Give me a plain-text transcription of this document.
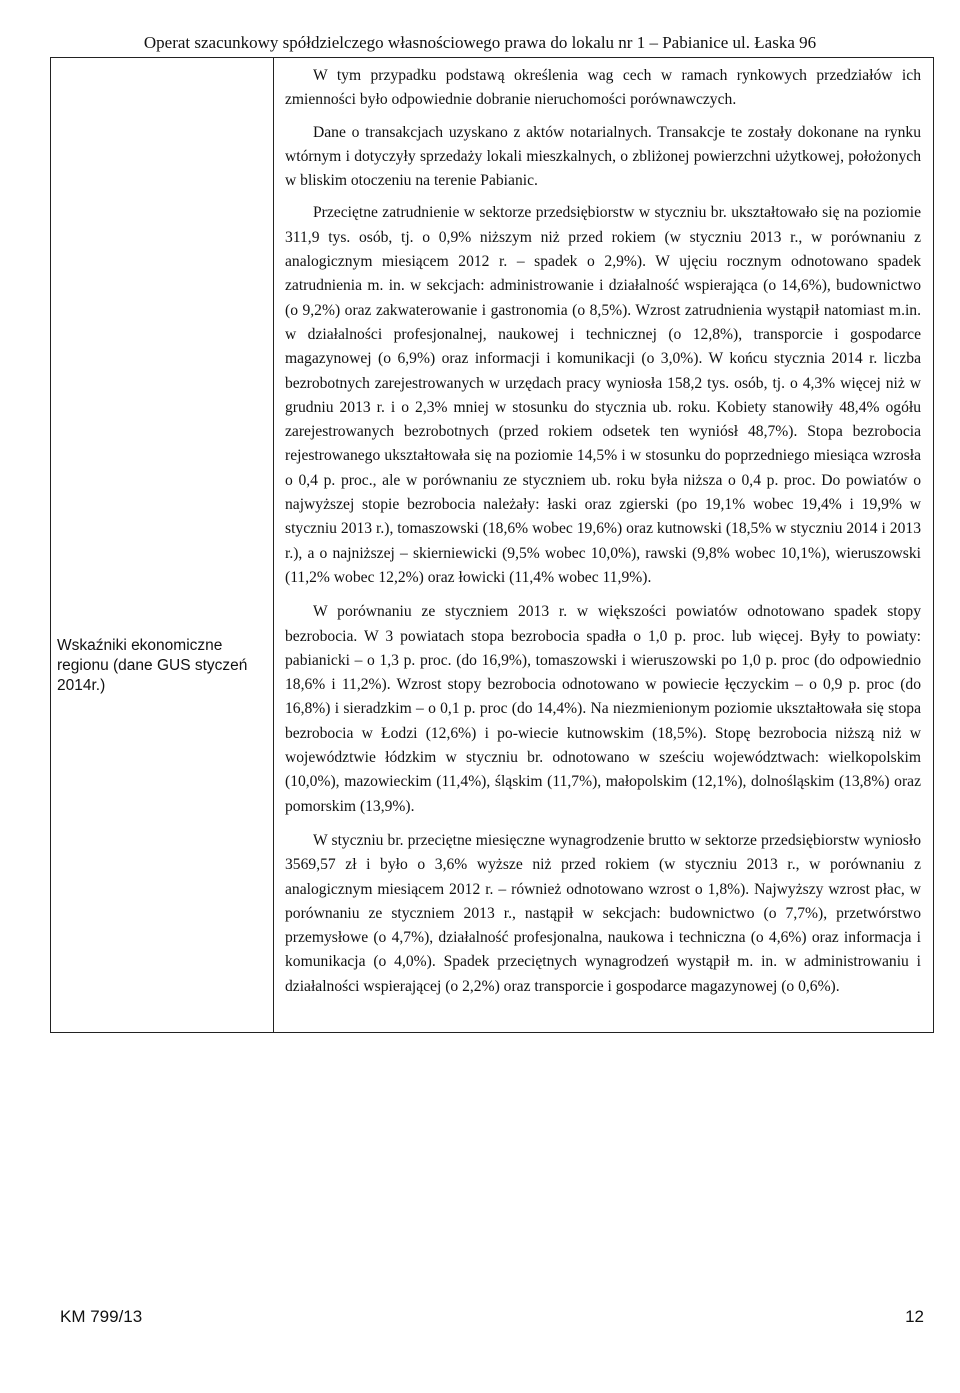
Operat szacunkowy spółdzielczego własnościowego prawa do lokalu nr 1 – Pabianice ul. Łaska 96
Wskaźniki ekonomiczne regionu (dane GUS styczeń 2014r.)

W tym przypadku podstawą określenia wag cech w ramach rynkowych przedziałów ich zmienności było odpowiednie dobranie nieruchomości porównawczych.

Dane o transakcjach uzyskano z aktów notarialnych. Transakcje te zostały dokonane na rynku wtórnym i dotyczyły sprzedaży lokali mieszkalnych, o zbliżonej powierzchni użytkowej, położonych w bliskim otoczeniu na terenie Pabianic.

Przeciętne zatrudnienie w sektorze przedsiębiorstw w styczniu br. ukształtowało się na poziomie 311,9 tys. osób, tj. o 0,9% niższym niż przed rokiem (w styczniu 2013 r., w porównaniu z analogicznym miesiącem 2012 r. – spadek o 2,9%). W ujęciu rocznym odnotowano spadek zatrudnienia m. in. w sekcjach: administrowanie i działalność wspierająca (o 14,6%), budownictwo (o 9,2%) oraz zakwaterowanie i gastronomia (o 8,5%). Wzrost zatrudnienia wystąpił natomiast m.in. w działalności profesjonalnej, naukowej i technicznej (o 12,8%), transporcie i gospodarce magazynowej (o 6,9%) oraz informacji i komunikacji (o 3,0%). W końcu stycznia 2014 r. liczba bezrobotnych zarejestrowanych w urzędach pracy wyniosła 158,2 tys. osób, tj. o 4,3% więcej niż w grudniu 2013 r. i o 2,3% mniej w stosunku do stycznia ub. roku. Kobiety stanowiły 48,4% ogółu zarejestrowanych bezrobotnych (przed rokiem odsetek ten wyniósł 48,7%). Stopa bezrobocia rejestrowanego ukształtowała się na poziomie 14,5% i w stosunku do poprzedniego miesiąca wzrosła o 0,4 p. proc., ale w porównaniu ze styczniem ub. roku była niższa o 0,4 p. proc. Do powiatów o najwyższej stopie bezrobocia należały: łaski oraz zgierski (po 19,1% wobec 19,4% i 19,9% w styczniu 2013 r.), tomaszowski (18,6% wobec 19,6%) oraz kutnowski (18,5% w styczniu 2014 i 2013 r.), a o najniższej – skierniewicki (9,5% wobec 10,0%), rawski (9,8% wobec 10,1%), wieruszowski (11,2% wobec 12,2%) oraz łowicki (11,4% wobec 11,9%).

W porównaniu ze styczniem 2013 r. w większości powiatów odnotowano spadek stopy bezrobocia. W 3 powiatach stopa bezrobocia spadła o 1,0 p. proc. lub więcej. Były to powiaty: pabianicki – o 1,3 p. proc. (do 16,9%), tomaszowski i wieruszowski po 1,0 p. proc (do odpowiednio 18,6% i 11,2%). Wzrost stopy bezrobocia odnotowano w powiecie łęczyckim – o 0,9 p. proc (do 16,8%) i sieradzkim – o 0,1 p. proc (do 14,4%). Na niezmienionym poziomie ukształtowała się stopa bezrobocia w Łodzi (12,6%) i po-wiecie kutnowskim (18,5%). Stopę bezrobocia niższą niż w województwie łódzkim w styczniu br. odnotowano w sześciu województwach: wielkopolskim (10,0%), mazowieckim (11,4%), śląskim (11,7%), małopolskim (12,1%), dolnośląskim (13,8%) oraz pomorskim (13,9%).

W styczniu br. przeciętne miesięczne wynagrodzenie brutto w sektorze przedsiębiorstw wyniosło 3569,57 zł i było o 3,6% wyższe niż przed rokiem (w styczniu 2013 r., w porównaniu z analogicznym miesiącem 2012 r. – również odnotowano wzrost o 1,8%). Najwyższy wzrost płac, w porównaniu ze styczniem 2013 r., nastąpił w sekcjach: budownictwo (o 7,7%), przetwórstwo przemysłowe (o 4,7%), działalność profesjonalna, naukowa i techniczna (o 4,6%) oraz informacja i komunikacja (o 4,0%). Spadek przeciętnych wynagrodzeń wystąpił m. in. w administrowaniu i działalności wspierającej (o 2,2%) oraz transporcie i gospodarce magazynowej (o 0,6%).

KM 799/13	12
